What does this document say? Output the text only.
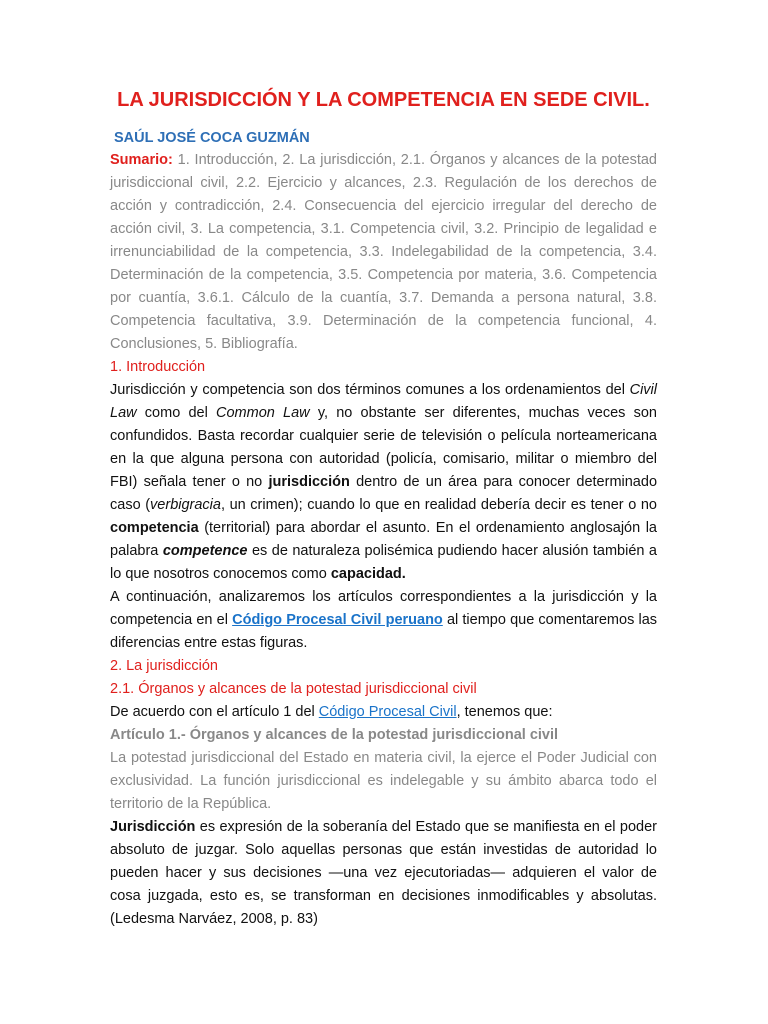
LA JURISDICCIÓN Y LA COMPETENCIA EN SEDE CIVIL.
SAÚL JOSÉ COCA GUZMÁN

Sumario: 1. Introducción, 2. La jurisdicción, 2.1. Órganos y alcances de la potestad jurisdiccional civil, 2.2. Ejercicio y alcances, 2.3. Regulación de los derechos de acción y contradicción, 2.4. Consecuencia del ejercicio irregular del derecho de acción civil, 3. La competencia, 3.1. Competencia civil, 3.2. Principio de legalidad e irrenunciabilidad de la competencia, 3.3. Indelegabilidad de la competencia, 3.4. Determinación de la competencia, 3.5. Competencia por materia, 3.6. Competencia por cuantía, 3.6.1. Cálculo de la cuantía, 3.7. Demanda a persona natural, 3.8. Competencia facultativa, 3.9. Determinación de la competencia funcional, 4. Conclusiones, 5. Bibliografía.

1. Introducción

Jurisdicción y competencia son dos términos comunes a los ordenamientos del Civil Law como del Common Law y, no obstante ser diferentes, muchas veces son confundidos. Basta recordar cualquier serie de televisión o película norteamericana en la que alguna persona con autoridad (policía, comisario, militar o miembro del FBI) señala tener o no jurisdicción dentro de un área para conocer determinado caso (verbigracia, un crimen); cuando lo que en realidad debería decir es tener o no competencia (territorial) para abordar el asunto. En el ordenamiento anglosajón la palabra competence es de naturaleza polisémica pudiendo hacer alusión también a lo que nosotros conocemos como capacidad.

A continuación, analizaremos los artículos correspondientes a la jurisdicción y la competencia en el Código Procesal Civil peruano al tiempo que comentaremos las diferencias entre estas figuras.

2. La jurisdicción
2.1. Órganos y alcances de la potestad jurisdiccional civil

De acuerdo con el artículo 1 del Código Procesal Civil, tenemos que:

Artículo 1.- Órganos y alcances de la potestad jurisdiccional civil

La potestad jurisdiccional del Estado en materia civil, la ejerce el Poder Judicial con exclusividad. La función jurisdiccional es indelegable y su ámbito abarca todo el territorio de la República.

Jurisdicción es expresión de la soberanía del Estado que se manifiesta en el poder absoluto de juzgar. Solo aquellas personas que están investidas de autoridad lo pueden hacer y sus decisiones —una vez ejecutoriadas— adquieren el valor de cosa juzgada, esto es, se transforman en decisiones inmodificables y absolutas. (Ledesma Narváez, 2008, p. 83)
